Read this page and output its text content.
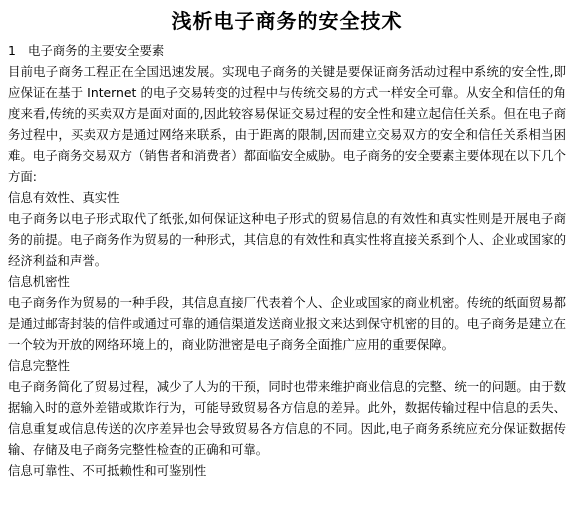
浅析电子商务的安全技术
1 电子商务的主要安全要素

目前电子商务工程正在全国迅速发展。实现电子商务的关键是要保证商务活动过程中系统的安全性,即应保证在基于 Internet 的电子交易转变的过程中与传统交易的方式一样安全可靠。从安全和信任的角度来看,传统的买卖双方是面对面的,因此较容易保证交易过程的安全性和建立起信任关系。但在电子商务过程中，买卖双方是通过网络来联系，由于距离的限制,因而建立交易双方的安全和信任关系相当困难。电子商务交易双方（销售者和消费者）都面临安全威胁。电子商务的安全要素主要体现在以下几个方面:

信息有效性、真实性

电子商务以电子形式取代了纸张,如何保证这种电子形式的贸易信息的有效性和真实性则是开展电子商务的前提。电子商务作为贸易的一种形式，其信息的有效性和真实性将直接关系到个人、企业或国家的经济利益和声誉。

信息机密性

电子商务作为贸易的一种手段，其信息直接厂代表着个人、企业或国家的商业机密。传统的纸面贸易都是通过邮寄封装的信件或通过可靠的通信渠道发送商业报文来达到保守机密的目的。电子商务是建立在一个较为开放的网络环境上的，商业防泄密是电子商务全面推广应用的重要保障。

信息完整性

电子商务简化了贸易过程，减少了人为的干预，同时也带来维护商业信息的完整、统一的问题。由于数据输入时的意外差错或欺诈行为，可能导致贸易各方信息的差异。此外，数据传输过程中信息的丢失、信息重复或信息传送的次序差异也会导致贸易各方信息的不同。因此,电子商务系统应充分保证数据传输、存储及电子商务完整性检查的正确和可靠。

信息可靠性、不可抵赖性和可鉴别性
